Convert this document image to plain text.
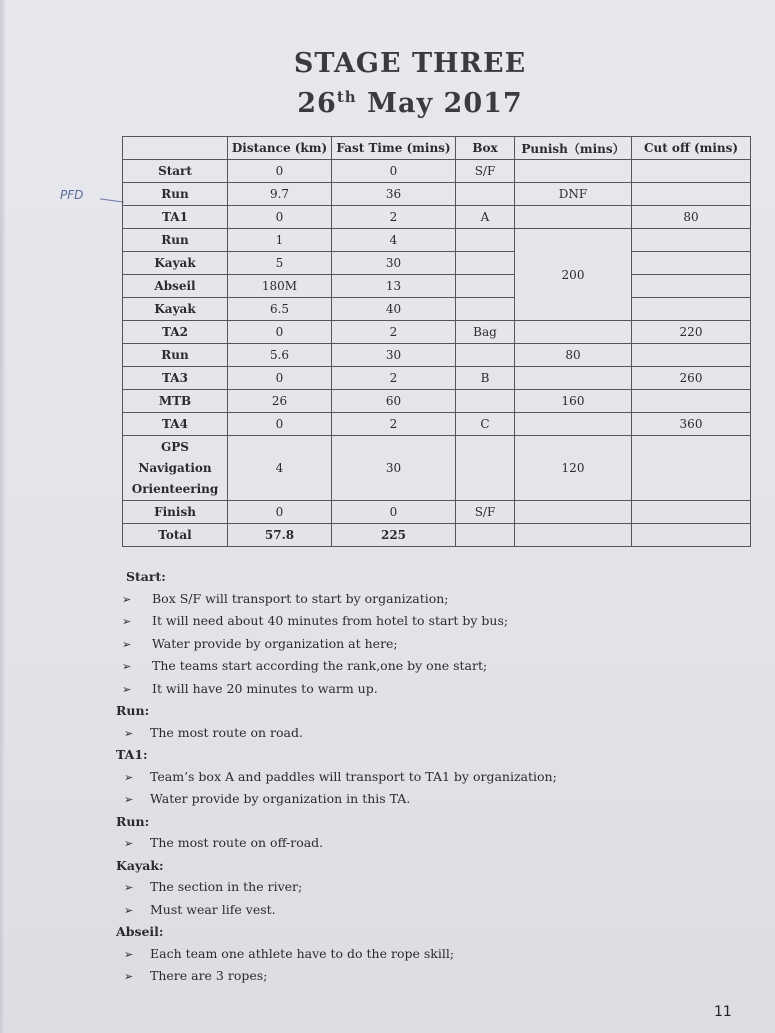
STAGE THREE
26th May 2017
PFD
	Distance (km)	Fast Time (mins)	Box	Punish（mins）	Cut off (mins)
Start	0	0	S/F		
Run	9.7	36		DNF	
TA1	0	2	A		80
Run	1	4		200	
Kayak	5	30			
Abseil	180M	13			
Kayak	6.5	40			
TA2	0	2	Bag		220
Run	5.6	30		80	
TA3	0	2	B		260
MTB	26	60		160	
TA4	0	2	C		360

GPS
Navigation
Orienteering	4	30		120	
Finish	0	0	S/F		
Total	57.8	225			
Start:
➢ Box S/F will transport to start by organization;
➢ It will need about 40 minutes from hotel to start by bus;
➢ Water provide by organization at here;
➢ The teams start according the rank,one by one start;
➢ It will have 20 minutes to warm up.
Run:
➢ The most route on road.
TA1:
➢ Team’s box A and paddles will transport to TA1 by organization;
➢ Water provide by organization in this TA.
Run:
➢ The most route on off-road.
Kayak:
➢ The section in the river;
➢ Must wear life vest.
Abseil:
➢ Each team one athlete have to do the rope skill;
➢ There are 3 ropes;
11
